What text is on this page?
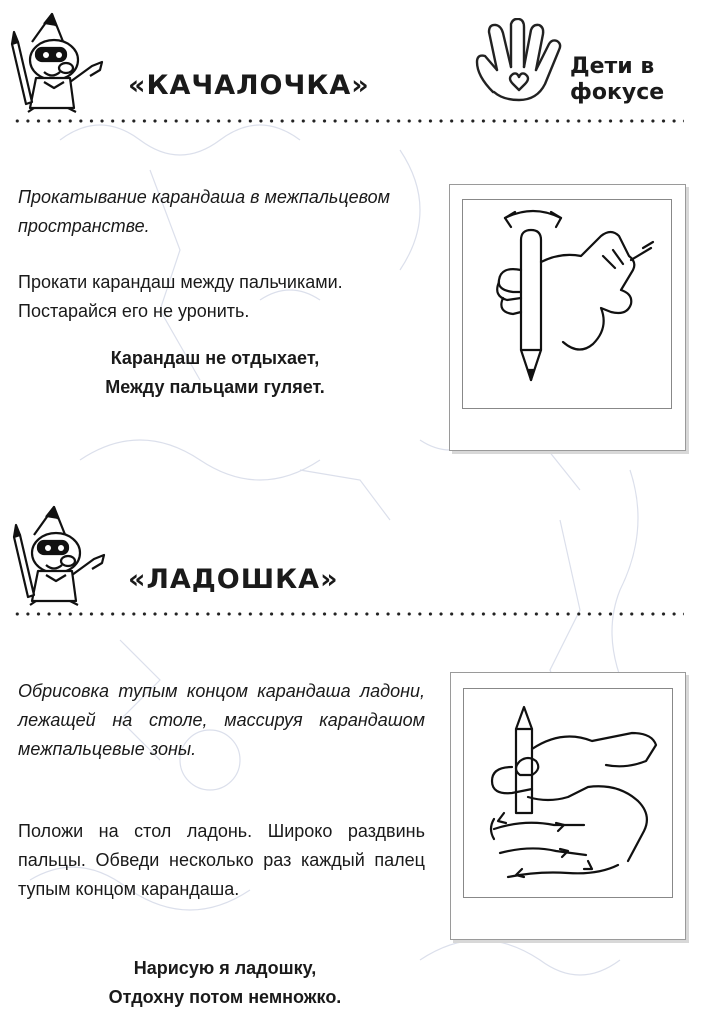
«КАЧАЛОЧКА»
Дети в
фокусе
Прокатывание карандаша в межпальцевом пространстве.
Прокати карандаш между пальчиками. Постарайся его не уронить.
Карандаш не отдыхает,
Между пальцами гуляет.
«ЛАДОШКА»
Обрисовка тупым концом карандаша ладони, лежащей на столе, массируя карандашом межпальцевые зоны.
Положи на стол ладонь. Широко раздвинь пальцы. Обведи несколько раз каждый палец тупым концом карандаша.
Нарисую я ладошку,
Отдохну потом немножко.
